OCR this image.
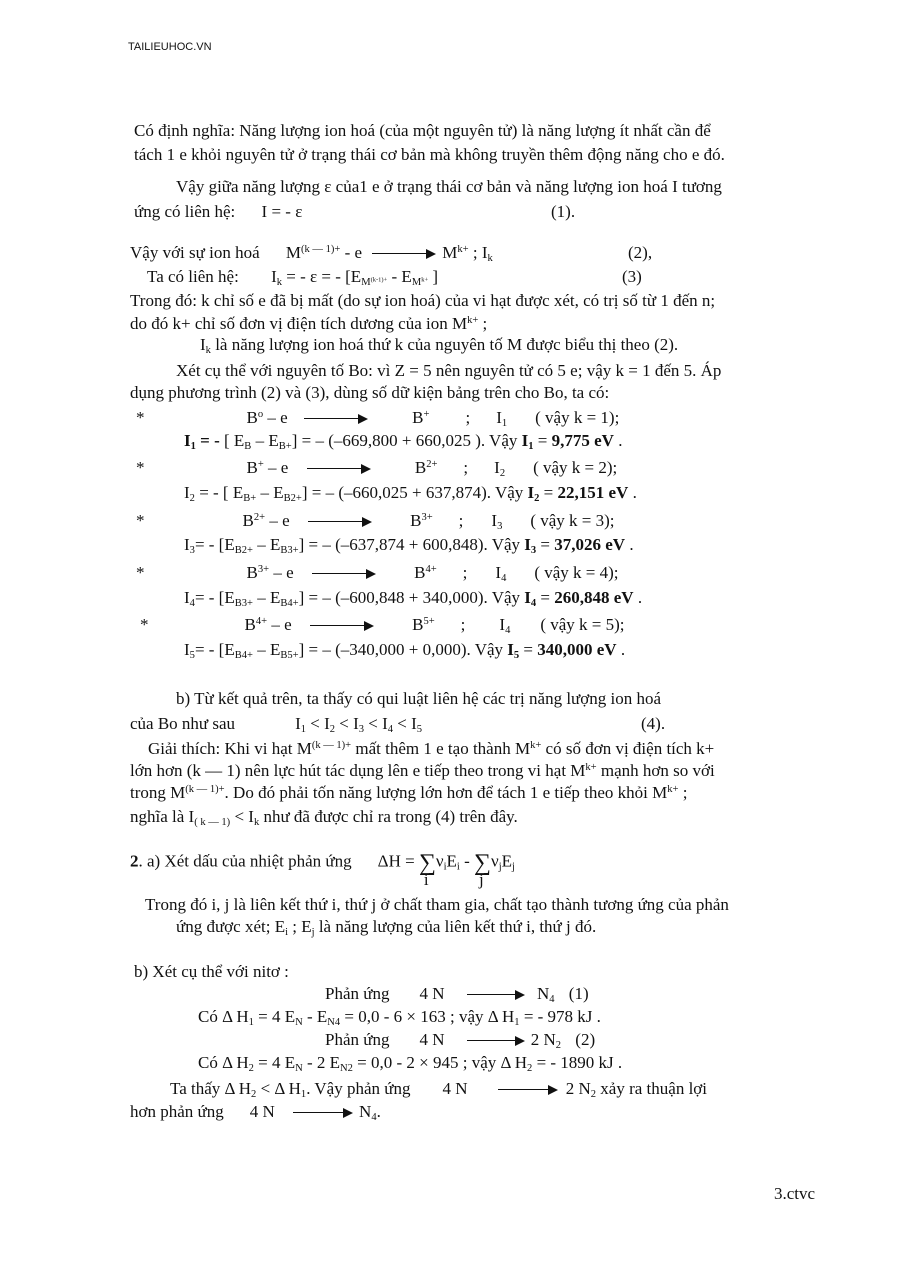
TAILIEUHOC.VN
Có định nghĩa: Năng lượng ion hoá (của một nguyên tử) là năng lượng ít nhất cần để
tách 1 e khỏi nguyên tử ở trạng thái cơ bản mà không truyền thêm động năng cho e đó.
Vậy giữa năng lượng ε của1 e ở trạng thái cơ bản và năng lượng ion hoá I tương
ứng có liên hệ: I = - ε	(1).
Vậy với sự ion hoá $M^{(k — 1)+}$ - e	$M^{k+}$ ; $I_k$	(2),
Ta có liên hệ: $I_k$ = - ε = - [$E_{M^{(k-1)+}} - E_{M^{k+}}$ ]	(3)
Trong đó: k chỉ số e đã bị mất (do sự ion hoá) của vi hạt được xét, có trị số từ 1 đến n;
do đó k+ chỉ số đơn vị điện tích dương của ion $M^{k+}$ ;
$I_k$ là năng lượng ion hoá thứ k của nguyên tố M được biểu thị theo (2).
Xét cụ thể với nguyên tố Bo: vì Z = 5 nên nguyên tử có 5 e; vậy k = 1 đến 5. Áp
dụng phương trình (2) và (3), dùng số dữ kiện bảng trên cho Bo, ta có:
*	$B^o$ – e	B+ ; $I_1$ ( vậy k = 1);
$I_1$ = - [ $E_B - E_{B+}$] = – (–669,800 + 660,025 ). Vậy $I_1 = 9,775$ eV .
*	B+ – e	$B^{2+}$ ; $I_2$ ( vậy k = 2);
$I_2$ = - [ $E_{B+} - E_{B2+}$] = – (–660,025 + 637,874). Vậy $I_2 = 22,151$ eV .
*	$B^{2+}$ – e	$B^{3+}$ ; $I_3$ ( vậy k = 3);
$I_3= - [E_{B2+} - E_{B3+}]$ = – (–637,874 + 600,848). Vậy $I_3 = 37,026$ eV .
*	$B^{3+}$ – e	$B^{4+}$ ; $I_4$ ( vậy k = 4);
$I_4= - [E_{B3+} - E_{B4+}]$ = – (–600,848 + 340,000). Vậy $I_4 = 260,848$ eV .
*	$B^{4+}$ – e	$B^{5+}$ ; $I_4$ ( vậy k = 5);
$I_5= - [E_{B4+} - E_{B5+}]$ = – (–340,000 + 0,000). Vậy $I_5 = 340,000$ eV .
b) Từ kết quả trên, ta thấy có qui luật liên hệ các trị năng lượng ion hoá
của Bo như sau	$I_1 < I_2 < I_3 < I_4 < I_5$	(4).
Giải thích: Khi vi hạt $M^{(k — 1)+}$ mất thêm 1 e tạo thành $M^{k+}$ có số đơn vị điện tích k+
lớn hơn (k — 1) nên lực hút tác dụng lên e tiếp theo trong vi hạt $M^{k+}$ mạnh hơn so với
trong $M^{(k — 1)+}$. Do đó phải tốn năng lượng lớn hơn để tách 1 e tiếp theo khỏi $M^{k+}$ ;
nghĩa là $I_{( k — 1)} < I_k$ như đã được chỉ ra trong (4) trên đây.
2. a) Xét dấu của nhiệt phản ứng ΔH = ∑
i
$\nu_iE_i$ - ∑
j
$\nu_jE_j$
Trong đó i, j là liên kết thứ i, thứ j ở chất tham gia, chất tạo thành tương ứng của phản
ứng được xét; $E_i$ ; $E_j$ là năng lượng của liên kết thứ i, thứ j đó.
b) Xét cụ thể với nitơ :
Phản ứng 4 N	$N_4$ (1)
Có Δ $H_1 = 4$ $E_N - E_{N4} = 0,0 - 6 \times 163$ ; vậy Δ $H_1$ = - 978 kJ .
Phản ứng 4 N	2 $N_2$ (2)
Có Δ $H_2 = 4$ $E_N - 2$ $E_{N2} = 0,0 - 2 \times 945$ ; vậy Δ $H_2$ = - 1890 kJ .
Ta thấy Δ $H_2 < \Delta$ $H_1$. Vậy phản ứng 4 N	2 $N_2$ xảy ra thuận lợi
hơn phản ứng 4 N	$N_4$.
3.ctvc
